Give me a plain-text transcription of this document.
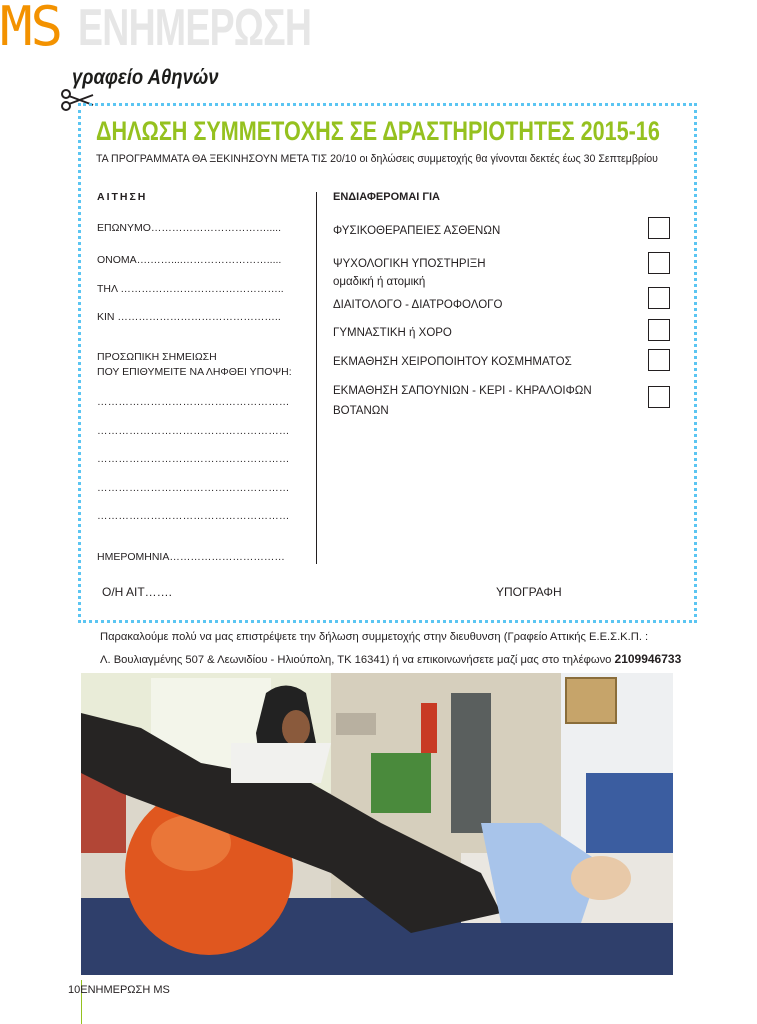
MS ΕΝΗΜΕΡΩΣΗ
γραφείο Αθηνών
ΔΗΛΩΣΗ ΣΥΜΜΕΤΟΧΗΣ ΣΕ ΔΡΑΣΤΗΡΙΟΤΗΤΕΣ 2015-16
ΤΑ ΠΡΟΓΡΑΜΜΑΤΑ ΘΑ ΞΕΚΙΝΗΣΟΥΝ ΜΕΤΑ ΤΙΣ 20/10 οι δηλώσεις συμμετοχής θα γίνονται δεκτές έως 30 Σεπτεμβρίου
ΑΙΤΗΣΗ
ΕΠΩΝΥΜΟ…………………………….....
ΟΝΟΜΑ….……....…………………….....
ΤΗΛ ………………………………………..
ΚΙΝ ………………………………………..
ΠΡΟΣΩΠΙΚΗ ΣΗΜΕΙΩΣΗ
ΠΟΥ ΕΠΙΘΥΜΕΙΤΕ ΝΑ ΛΗΦΘΕΙ ΥΠΟΨΗ:
………………………………………………
………………………………………………
………………………………………………
………………………………………………
………………………………………………
ΗΜΕΡΟΜΗΝΙΑ……………………………
ΕΝΔΙΑΦΕΡΟΜΑΙ ΓΙΑ
ΦΥΣΙΚΟΘΕΡΑΠΕΙΕΣ ΑΣΘΕΝΩΝ
ΨΥΧΟΛΟΓΙΚΗ ΥΠΟΣΤΗΡΙΞΗ
ομαδική ή ατομική
ΔΙΑΙΤΟΛΟΓΟ - ΔΙΑΤΡΟΦΟΛΟΓΟ
ΓΥΜΝΑΣΤΙΚΗ ή ΧΟΡΟ
ΕΚΜΑΘΗΣΗ ΧΕΙΡΟΠΟΙΗΤΟΥ ΚΟΣΜΗΜΑΤΟΣ
ΕΚΜΑΘΗΣΗ ΣΑΠΟΥΝΙΩΝ - ΚΕΡΙ - ΚΗΡΑΛΟΙΦΩΝ
ΒΟΤΑΝΩΝ
Ο/Η ΑΙΤ…….	ΥΠΟΓΡΑΦΗ
Παρακαλούμε πολύ να μας επιστρέψετε την δήλωση συμμετοχής στην διευθυνση (Γραφείο Αττικής Ε.Ε.Σ.Κ.Π. :
Λ. Βουλιαγμένης 507 & Λεωνιδίου - Ηλιούπολη, ΤΚ 16341) ή να επικοινωνήσετε μαζί μας στο τηλέφωνο 2109946733
10ΕΝΗΜΕΡΩΣΗ MS
